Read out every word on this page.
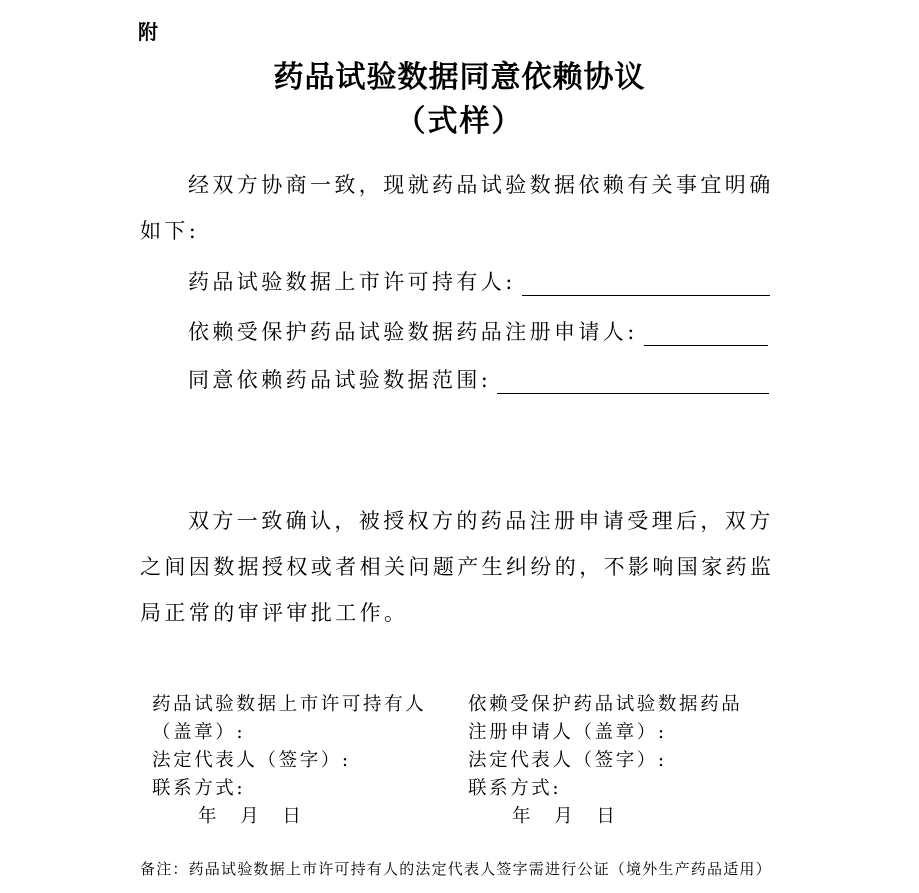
附
药品试验数据同意依赖协议
（式样）
经双方协商一致，现就药品试验数据依赖有关事宜明确如下:
药品试验数据上市许可持有人:
依赖受保护药品试验数据药品注册申请人:
同意依赖药品试验数据范围:
双方一致确认，被授权方的药品注册申请受理后，双方之间因数据授权或者相关问题产生纠纷的，不影响国家药监局正常的审评审批工作。
药品试验数据上市许可持有人
（盖章）:
法定代表人（签字）:
联系方式:
年　月　日
依赖受保护药品试验数据药品
注册申请人（盖章）:
法定代表人（签字）:
联系方式:
年　月　日
备注：药品试验数据上市许可持有人的法定代表人签字需进行公证（境外生产药品适用）
